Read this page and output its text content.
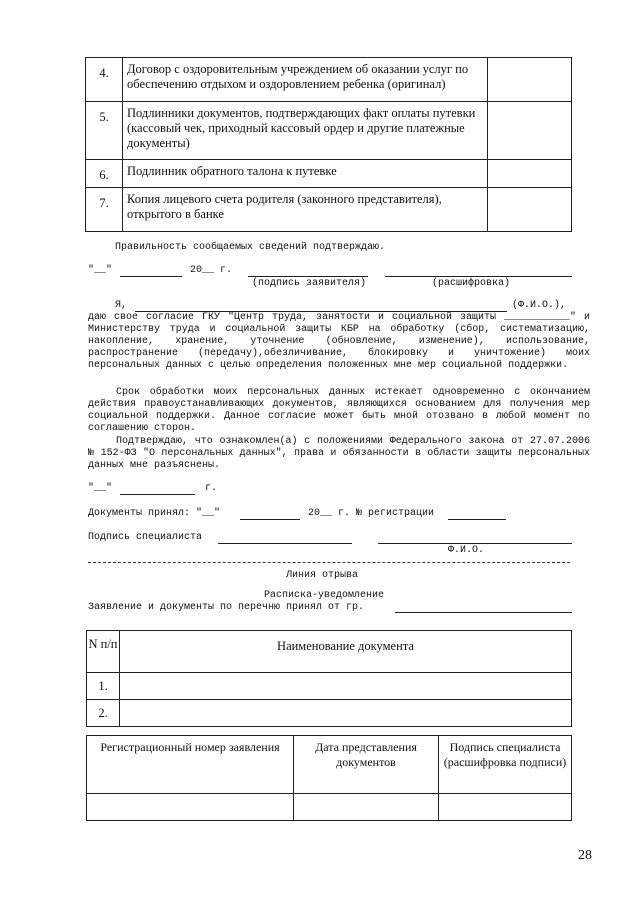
4.	Договор с оздоровительным учреждением об оказании услуг по обеспечению отдыхом и оздоровлением ребенка (оригинал)	
5.	Подлинники документов, подтверждающих факт оплаты путевки (кассовый чек, приходный кассовый ордер и другие платежные документы)	
6.	Подлинник обратного талона к путевке	
7.	Копия лицевого счета родителя (законного представителя), открытого в банке	
Правильность сообщаемых сведений подтверждаю.
"__"	20__ г.
(подпись заявителя)	(расшифровка)
Я,	(Ф.И.О.),
даю свое согласие ГКУ "Центр труда, занятости и социальной защиты ___________" и Министерству труда и социальной защиты КБР на обработку (сбор, систематизацию, накопление, хранение, уточнение (обновление, изменение), использование, распространение (передачу),обезличивание, блокировку и уничтожение) моих персональных данных с целью определения положенных мне мер социальной поддержки.
Срок обработки моих персональных данных истекает одновременно с окончанием действия правоустанавливающих документов, являющихся основанием для получения мер социальной поддержки. Данное согласие может быть мной отозвано в любой момент по соглашению сторон.
Подтверждаю, что ознакомлен(а) с положениями Федерального закона от 27.07.2006 № 152-ФЗ "О персональных данных", права и обязанности в области защиты персональных данных мне разъяснены.
"__"	г.
Документы принял: "__"	20__ г. № регистрации
Подпись специалиста
Ф.И.О.
Линия отрыва
Расписка-уведомление
Заявление и документы по перечню принял от гр.
N п/п	Наименование документа
1.	
2.	
Регистрационный номер заявления	Дата представления документов	Подпись специалиста (расшифровка подписи)

28
